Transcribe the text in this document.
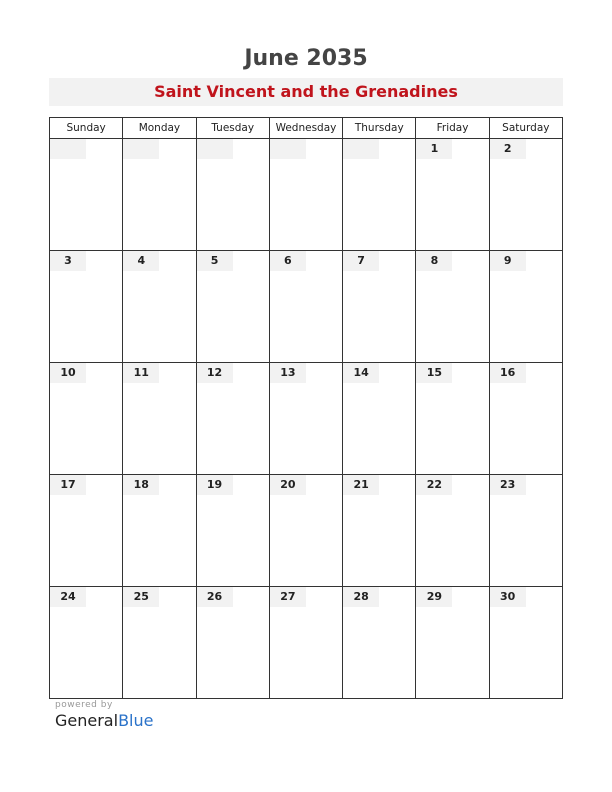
June 2035
Saint Vincent and the Grenadines
Sunday	Monday	Tuesday	Wednesday	Thursday	Friday	Saturday

					1	2

3	4	5	6	7	8	9

10	11	12	13	14	15	16

17	18	19	20	21	22	23

24	25	26	27	28	29	30
powered by
GeneralBlue
